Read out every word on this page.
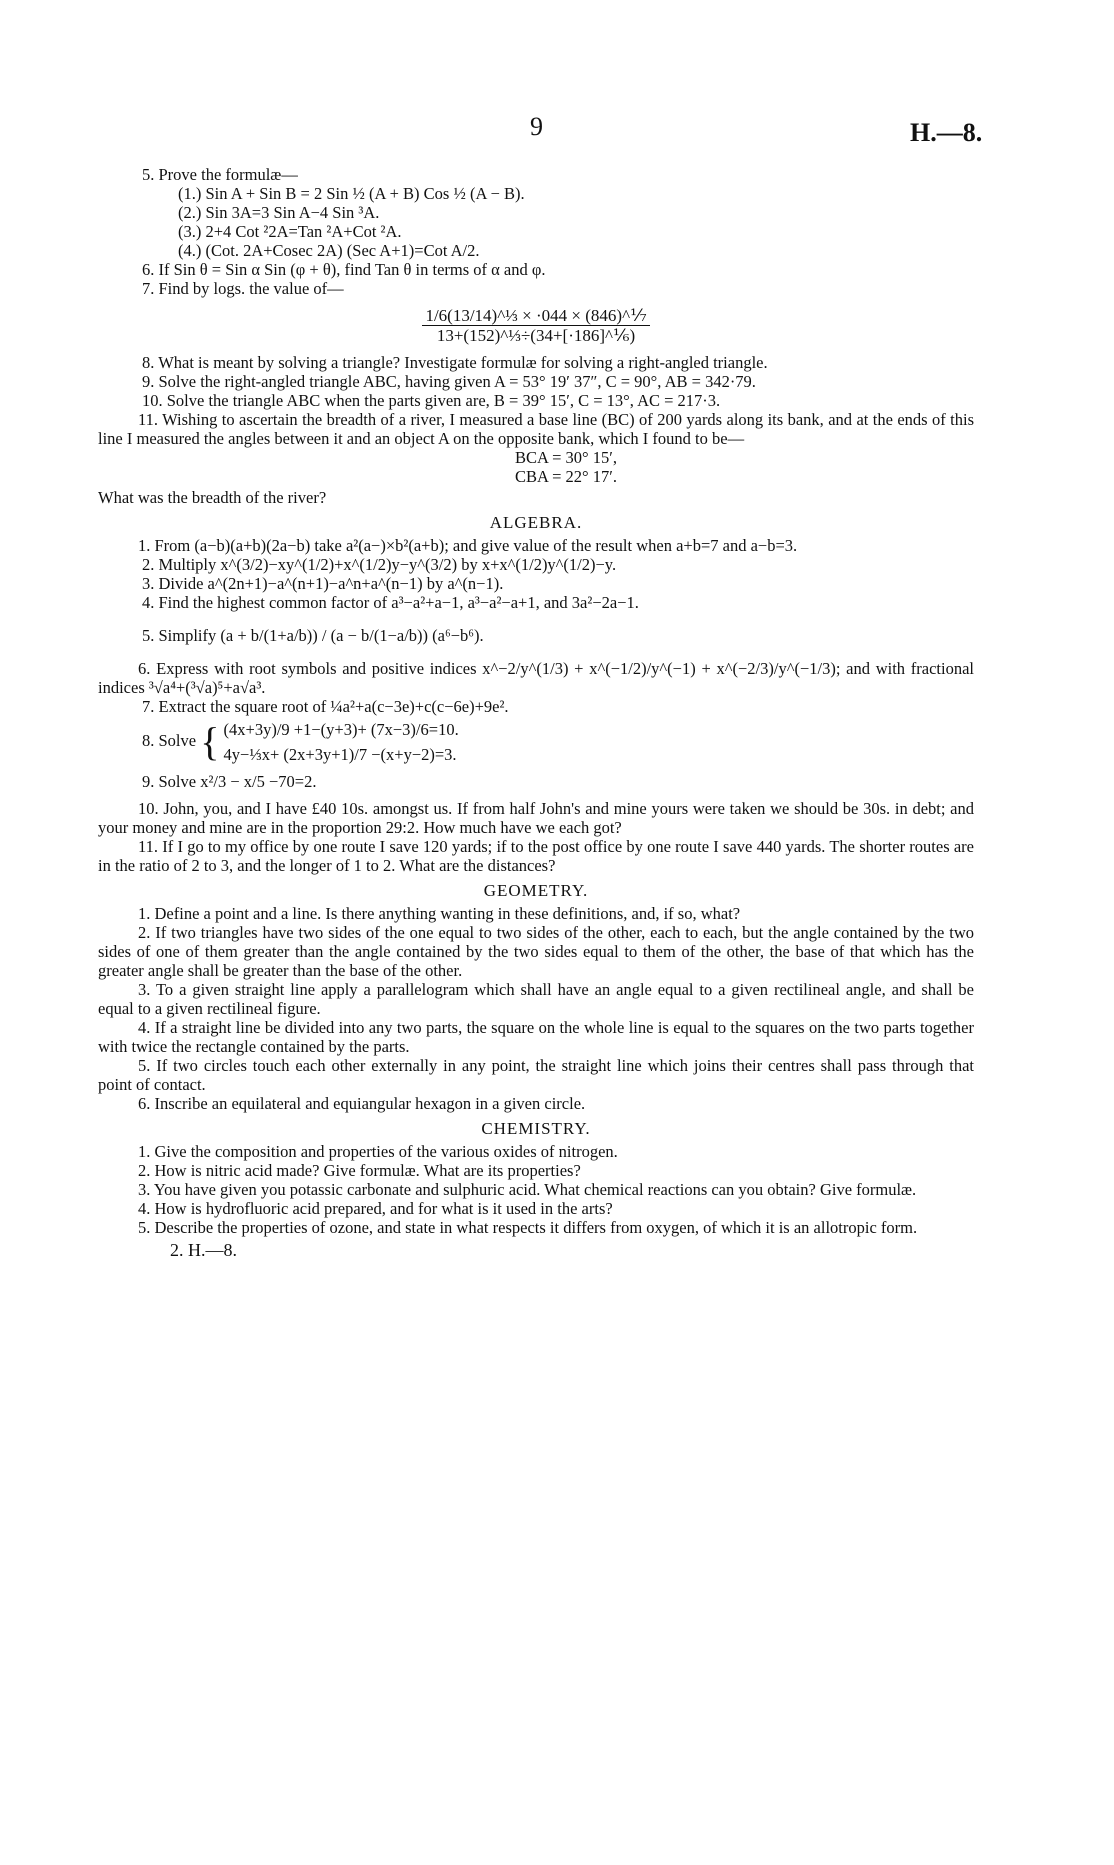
9	H.—8.
5. Prove the formulæ—
(1.) Sin A + Sin B = 2 Sin ½ (A + B) Cos ½ (A − B).
(2.) Sin 3A=3 Sin A−4 Sin ³A.
(3.) 2+4 Cot ²2A=Tan ²A+Cot ²A.
(4.) (Cot. 2A+Cosec 2A) (Sec A+1)=Cot A/2.
6. If Sin θ = Sin α Sin (φ + θ), find Tan θ in terms of α and φ.
7. Find by logs. the value of—
$\frac{\text{1/6(13/14)\textasciicircum{}⅓ × ·044 × (846)\textasciicircum{}⅐}}{\text{13+(152)\textasciicircum{}⅓÷(34+[·186]\textasciicircum{}⅙)}}$
8. What is meant by solving a triangle? Investigate formulæ for solving a right-angled triangle.
9. Solve the right-angled triangle ABC, having given A = 53° 19′ 37″, C = 90°, AB = 342·79.
10. Solve the triangle ABC when the parts given are, B = 39° 15′, C = 13°, AC = 217·3.
11. Wishing to ascertain the breadth of a river, I measured a base line (BC) of 200 yards along its bank, and at the ends of this line I measured the angles between it and an object A on the opposite bank, which I found to be—
BCA = 30° 15′,
CBA = 22° 17′.
What was the breadth of the river?
ALGEBRA.
1. From (a−b)(a+b)(2a−b) take a²(a−)×b²(a+b); and give value of the result when a+b=7 and a−b=3.
2. Multiply x^(3/2)−xy^(1/2)+x^(1/2)y−y^(3/2) by x+x^(1/2)y^(1/2)−y.
3. Divide a^(2n+1)−a^(n+1)−a^n+a^(n−1) by a^(n−1).
4. Find the highest common factor of a³−a²+a−1, a³−a²−a+1, and 3a²−2a−1.
5. Simplify (a + b/(1+a/b)) / (a − b/(1−a/b)) (a⁶−b⁶).
6. Express with root symbols and positive indices x^−2/y^(1/3) + x^(−1/2)/y^(−1) + x^(−2/3)/y^(−1/3); and with fractional indices ³√a⁴+(³√a)⁵+a√a³.
7. Extract the square root of ¼a²+a(c−3e)+c(c−6e)+9e².
8. Solve { (4x+3y)/9 +1−(y+3)+ (7x−3)/6=10.
4y−⅓x+ (2x+3y+1)/7 −(x+y−2)=3.
9. Solve x²/3 − x/5 −70=2.
10. John, you, and I have £40 10s. amongst us. If from half John's and mine yours were taken we should be 30s. in debt; and your money and mine are in the proportion 29:2. How much have we each got?
11. If I go to my office by one route I save 120 yards; if to the post office by one route I save 440 yards. The shorter routes are in the ratio of 2 to 3, and the longer of 1 to 2. What are the distances?
GEOMETRY.
1. Define a point and a line. Is there anything wanting in these definitions, and, if so, what?
2. If two triangles have two sides of the one equal to two sides of the other, each to each, but the angle contained by the two sides of one of them greater than the angle contained by the two sides equal to them of the other, the base of that which has the greater angle shall be greater than the base of the other.
3. To a given straight line apply a parallelogram which shall have an angle equal to a given rectilineal angle, and shall be equal to a given rectilineal figure.
4. If a straight line be divided into any two parts, the square on the whole line is equal to the squares on the two parts together with twice the rectangle contained by the parts.
5. If two circles touch each other externally in any point, the straight line which joins their centres shall pass through that point of contact.
6. Inscribe an equilateral and equiangular hexagon in a given circle.
CHEMISTRY.
1. Give the composition and properties of the various oxides of nitrogen.
2. How is nitric acid made? Give formulæ. What are its properties?
3. You have given you potassic carbonate and sulphuric acid. What chemical reactions can you obtain? Give formulæ.
4. How is hydrofluoric acid prepared, and for what is it used in the arts?
5. Describe the properties of ozone, and state in what respects it differs from oxygen, of which it is an allotropic form.
2. H.—8.
